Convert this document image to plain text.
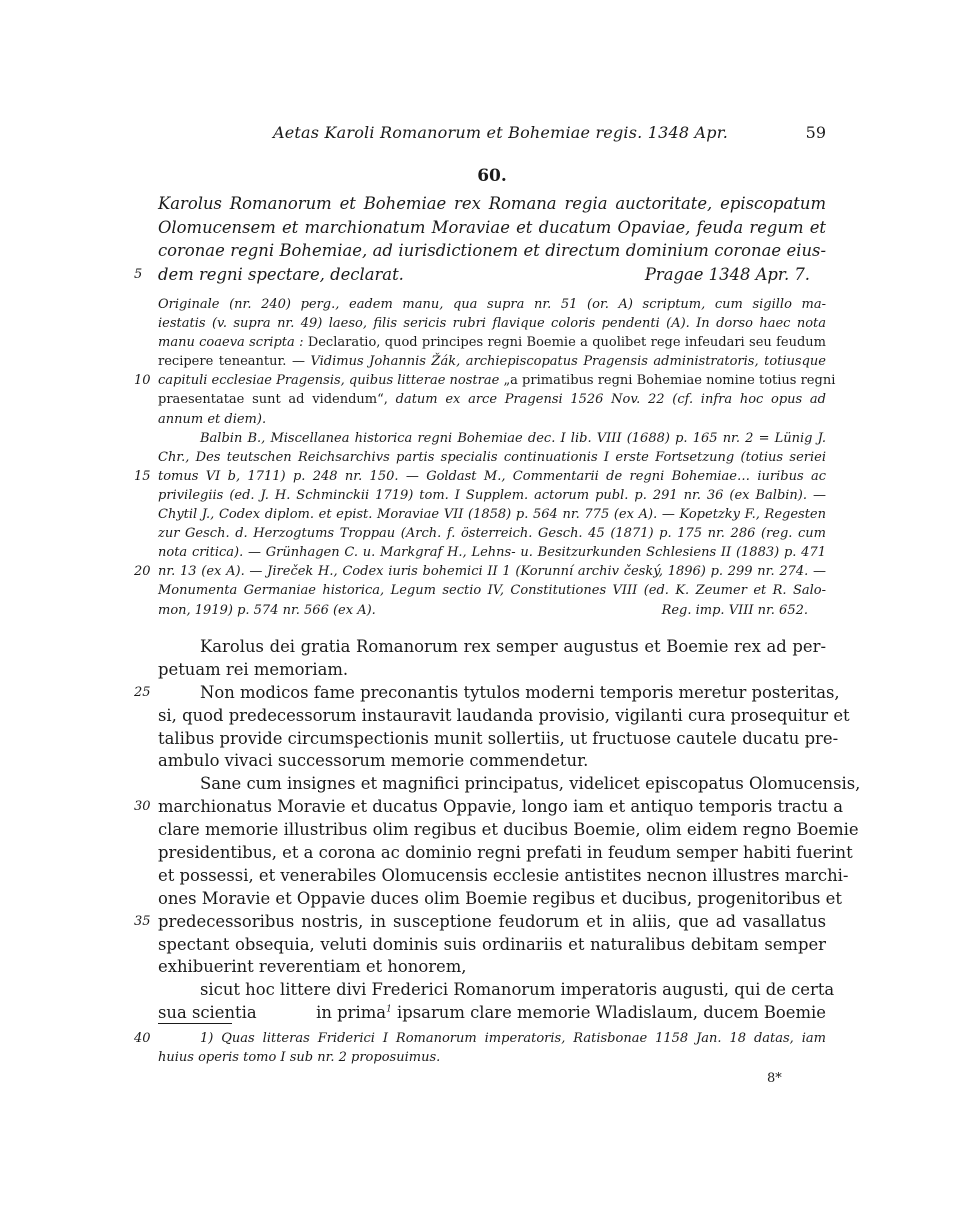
Aetas Karoli Romanorum et Bohemiae regis. 1348 Apr.	59
60.
Karolus Romanorum et Bohemiae rex Romana regia auctoritate, episcopatum
Olomucensem et marchionatum Moraviae et ducatum Opaviae, feuda regum et
coronae regni Bohemiae, ad iurisdictionem et directum dominium coronae eius-
5 dem regni spectare, declarat.	Pragae 1348 Apr. 7.
Originale (nr. 240) perg., eadem manu, qua supra nr. 51 (or. A) scriptum, cum sigillo ma-
iestatis (v. supra nr. 49) laeso, filis sericis rubri flavique coloris pendenti (A). In dorso haec nota
manu coaeva scripta : Declaratio, quod principes regni Boemie a quolibet rege infeudari seu feudum
recipere teneantur. — Vidimus Johannis Žák, archiepiscopatus Pragensis administratoris, totiusque
10 capituli ecclesiae Pragensis, quibus litterae nostrae „a primatibus regni Bohemiae nomine totius regni
praesentatae sunt ad videndum“, datum ex arce Pragensi 1526 Nov. 22 (cf. infra hoc opus ad
annum et diem).
Balbin B., Miscellanea historica regni Bohemiae dec. I lib. VIII (1688) p. 165 nr. 2 = Lünig J.
Chr., Des teutschen Reichsarchivs partis specialis continuationis I erste Fortsetzung (totius seriei
15 tomus VI b, 1711) p. 248 nr. 150. — Goldast M., Commentarii de regni Bohemiae… iuribus ac
privilegiis (ed. J. H. Schminckii 1719) tom. I Supplem. actorum publ. p. 291 nr. 36 (ex Balbin). —
Chytil J., Codex diplom. et epist. Moraviae VII (1858) p. 564 nr. 775 (ex A). — Kopetzky F., Regesten
zur Gesch. d. Herzogtums Troppau (Arch. f. österreich. Gesch. 45 (1871) p. 175 nr. 286 (reg. cum
nota critica). — Grünhagen C. u. Markgraf H., Lehns- u. Besitzurkunden Schlesiens II (1883) p. 471
20 nr. 13 (ex A). — Jireček H., Codex iuris bohemici II 1 (Korunní archiv český, 1896) p. 299 nr. 274. —
Monumenta Germaniae historica, Legum sectio IV, Constitutiones VIII (ed. K. Zeumer et R. Salo-
mon, 1919) p. 574 nr. 566 (ex A).	Reg. imp. VIII nr. 652.
Karolus dei gratia Romanorum rex semper augustus et Boemie rex ad per-
petuam rei memoriam.
25	Non modicos fame preconantis tytulos moderni temporis meretur posteritas,
si, quod predecessorum instauravit laudanda provisio, vigilanti cura prosequitur et
talibus provide circumspectionis munit sollertiis, ut fructuose cautele ducatu pre-
ambulo vivaci successorum memorie commendetur.
Sane cum insignes et magnifici principatus, videlicet episcopatus Olomucensis,
30 marchionatus Moravie et ducatus Oppavie, longo iam et antiquo temporis tractu a
clare memorie illustribus olim regibus et ducibus Boemie, olim eidem regno Boemie
presidentibus, et a corona ac dominio regni prefati in feudum semper habiti fuerint
et possessi, et venerabiles Olomucensis ecclesie antistites necnon illustres marchi-
ones Moravie et Oppavie duces olim Boemie regibus et ducibus, progenitoribus et
35 predecessoribus nostris, in susceptione feudorum et in aliis, que ad vasallatus
spectant obsequia, veluti dominis suis ordinariis et naturalibus debitam semper
exhibuerint reverentiam et honorem,
sicut hoc littere divi Frederici Romanorum imperatoris augusti, qui de certa
sua scientia	in prima$^1$ ipsarum clare memorie Wladislaum, ducem Boemie
40	1) Quas litteras Friderici I Romanorum imperatoris, Ratisbonae 1158 Jan. 18 datas, iam
huius operis tomo I sub nr. 2 proposuimus.
8*
